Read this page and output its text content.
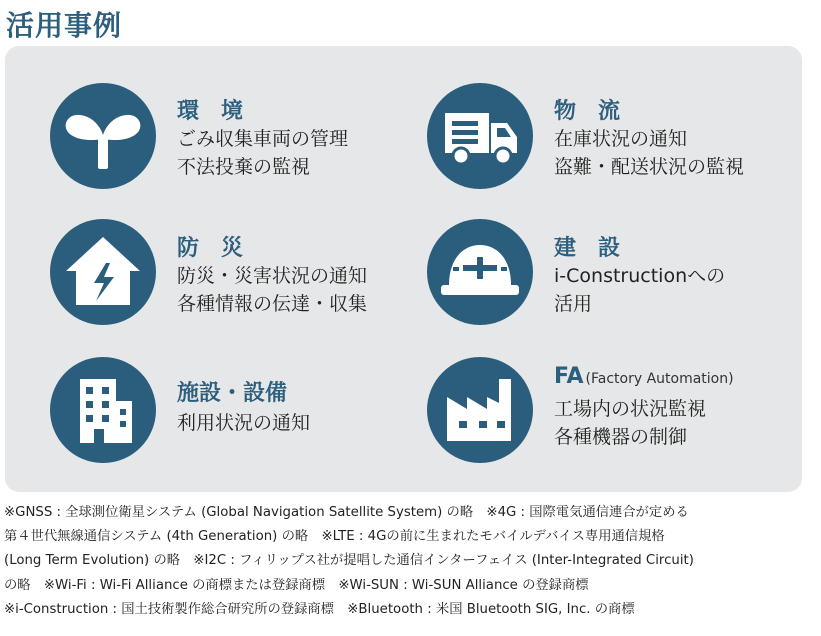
活用事例
環　境
ごみ収集車両の管理
不法投棄の監視
物　流
在庫状況の通知
盗難・配送状況の監視
防　災
防災・災害状況の通知
各種情報の伝達・収集
建　設
i-Constructionへの
活用
施設・設備
利用状況の通知
FA (Factory Automation)
工場内の状況監視
各種機器の制御
※GNSS : 全球測位衛星システム (Global Navigation Satellite System) の略　※4G : 国際電気通信連合が定める
第４世代無線通信システム (4th Generation) の略　※LTE : 4Gの前に生まれたモバイルデバイス専用通信規格
(Long Term Evolution) の略　※I2C : フィリップス社が提唱した通信インターフェイス (Inter-Integrated Circuit)
の略　※Wi-Fi : Wi-Fi Alliance の商標または登録商標　※Wi-SUN : Wi-SUN Alliance の登録商標
※i-Construction : 国土技術製作総合研究所の登録商標　※Bluetooth : 米国 Bluetooth SIG, Inc. の商標
